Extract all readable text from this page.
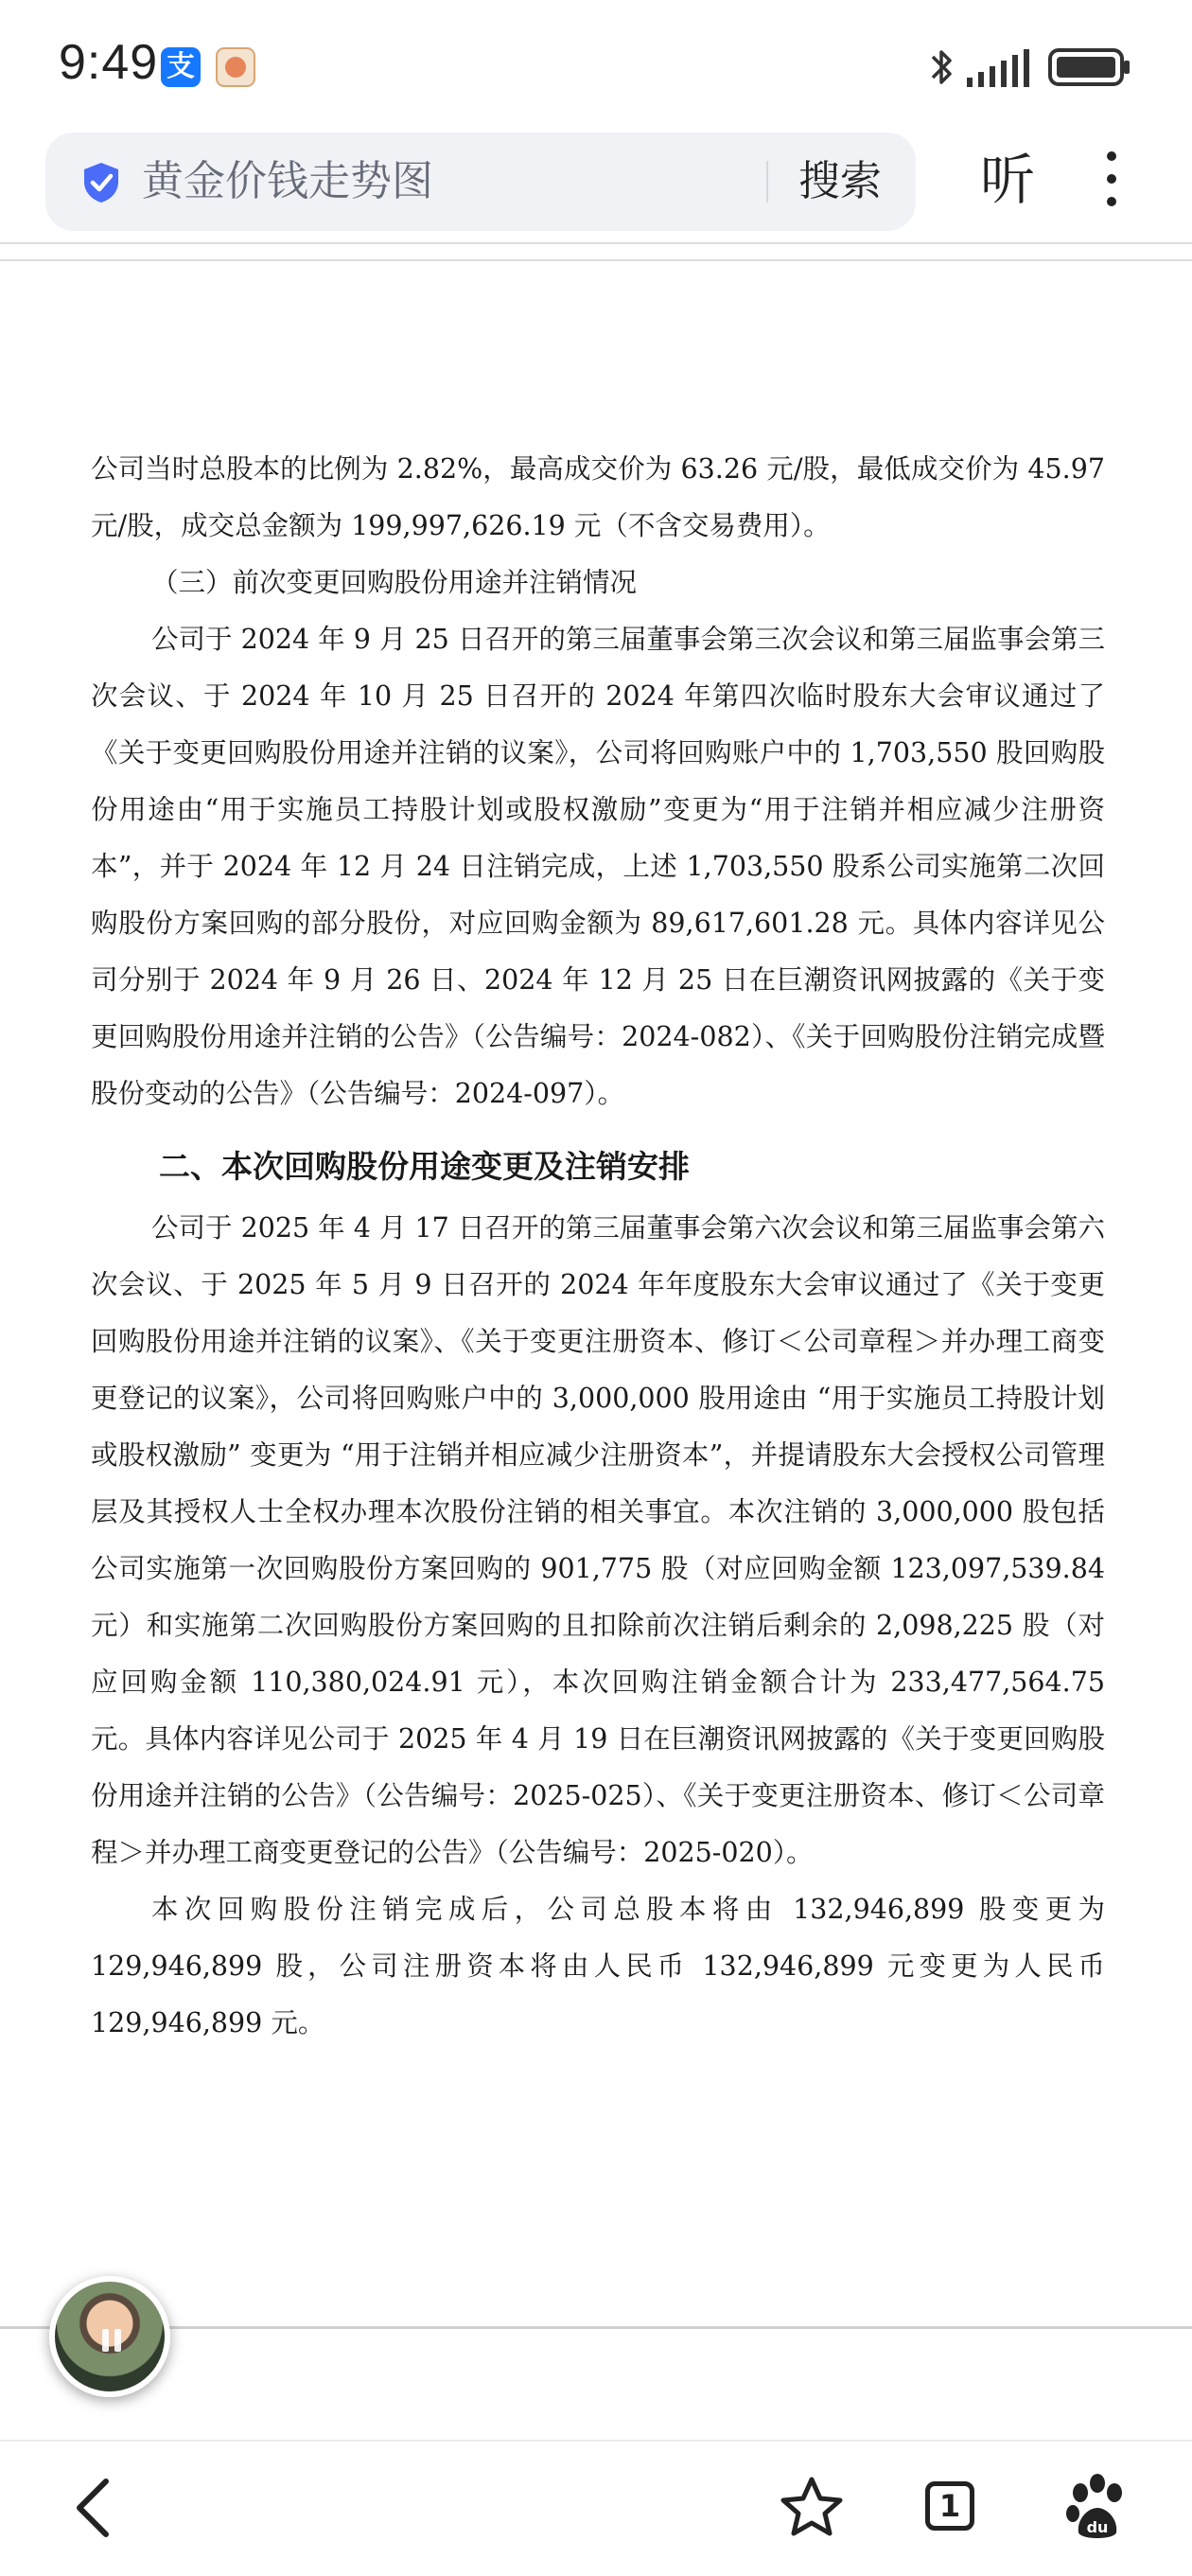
9:49 支
黄金价钱走势图	搜索 听

公司当时总股本的比例为 2.82%，最高成交价为 63.26 元/股，最低成交价为 45.97 元/股，成交总金额为 199,997,626.19 元（不含交易费用）。

（三）前次变更回购股份用途并注销情况

公司于 2024 年 9 月 25 日召开的第三届董事会第三次会议和第三届监事会第三次会议、于 2024 年 10 月 25 日召开的 2024 年第四次临时股东大会审议通过了《关于变更回购股份用途并注销的议案》，公司将回购账户中的 1,703,550 股回购股份用途由“用于实施员工持股计划或股权激励”变更为“用于注销并相应减少注册资本”，并于 2024 年 12 月 24 日注销完成，上述 1,703,550 股系公司实施第二次回购股份方案回购的部分股份，对应回购金额为 89,617,601.28 元。具体内容详见公司分别于 2024 年 9 月 26 日、2024 年 12 月 25 日在巨潮资讯网披露的《关于变更回购股份用途并注销的公告》（公告编号：2024-082）、《关于回购股份注销完成暨股份变动的公告》（公告编号：2024-097）。

二、本次回购股份用途变更及注销安排

公司于 2025 年 4 月 17 日召开的第三届董事会第六次会议和第三届监事会第六次会议、于 2025 年 5 月 9 日召开的 2024 年年度股东大会审议通过了《关于变更回购股份用途并注销的议案》、《关于变更注册资本、修订＜公司章程＞并办理工商变更登记的议案》，公司将回购账户中的 3,000,000 股用途由 “用于实施员工持股计划或股权激励” 变更为 “用于注销并相应减少注册资本”，并提请股东大会授权公司管理层及其授权人士全权办理本次股份注销的相关事宜。本次注销的 3,000,000 股包括公司实施第一次回购股份方案回购的 901,775 股（对应回购金额 123,097,539.84 元）和实施第二次回购股份方案回购的且扣除前次注销后剩余的 2,098,225 股（对应回购金额 110,380,024.91 元），本次回购注销金额合计为 233,477,564.75 元。具体内容详见公司于 2025 年 4 月 19 日在巨潮资讯网披露的《关于变更回购股份用途并注销的公告》（公告编号：2025-025）、《关于变更注册资本、修订＜公司章程＞并办理工商变更登记的公告》（公告编号：2025-020）。

本次回购股份注销完成后，公司总股本将由 132,946,899 股变更为 129,946,899 股，公司注册资本将由人民币 132,946,899 元变更为人民币 129,946,899 元。

1
du
